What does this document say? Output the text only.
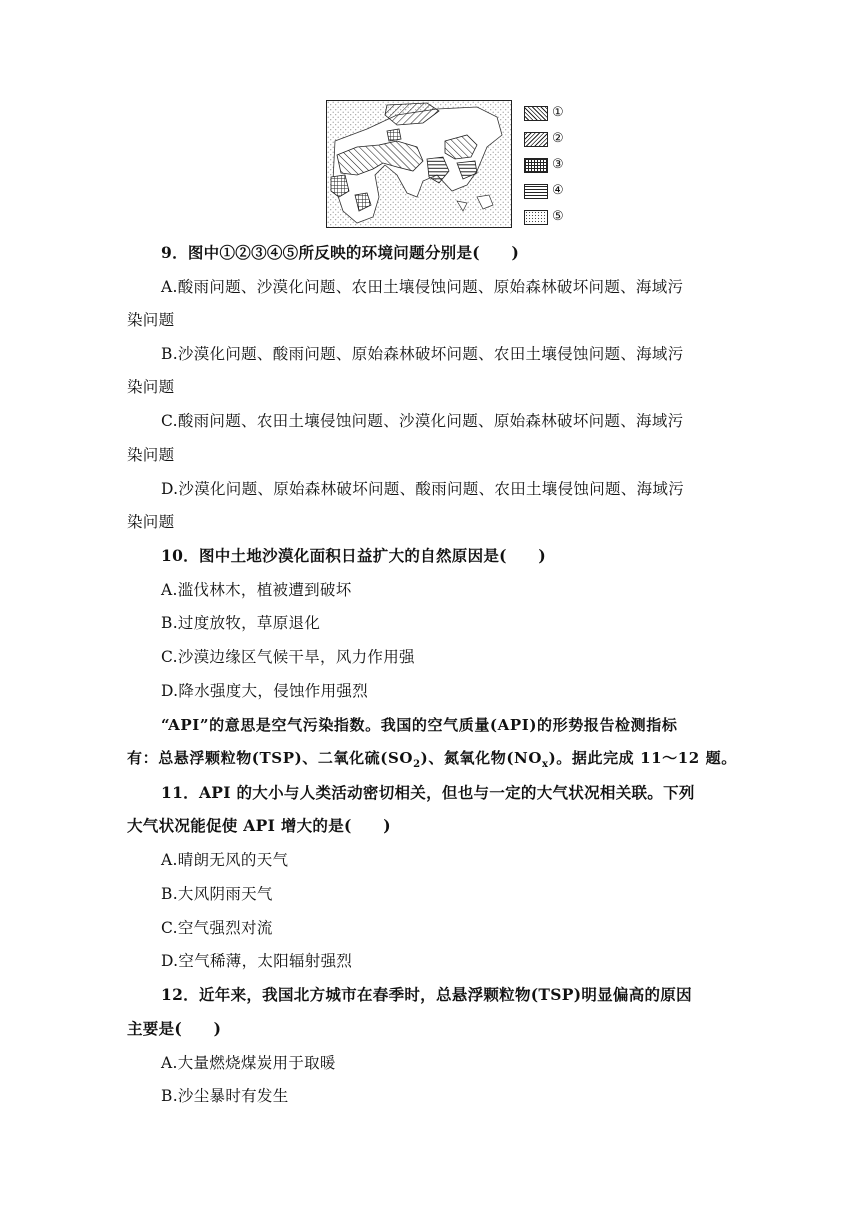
①
②
③
④
⑤
9．图中①②③④⑤所反映的环境问题分别是(　　)
A.酸雨问题、沙漠化问题、农田土壤侵蚀问题、原始森林破坏问题、海域污
染问题
B.沙漠化问题、酸雨问题、原始森林破坏问题、农田土壤侵蚀问题、海域污
染问题
C.酸雨问题、农田土壤侵蚀问题、沙漠化问题、原始森林破坏问题、海域污
染问题
D.沙漠化问题、原始森林破坏问题、酸雨问题、农田土壤侵蚀问题、海域污
染问题
10．图中土地沙漠化面积日益扩大的自然原因是(　　)
A.滥伐林木，植被遭到破坏
B.过度放牧，草原退化
C.沙漠边缘区气候干旱，风力作用强
D.降水强度大，侵蚀作用强烈
“API”的意思是空气污染指数。我国的空气质量(API)的形势报告检测指标
有：总悬浮颗粒物(TSP)、二氧化硫$(SO_2)$、氮氧化物$(NO_x)$。据此完成 11～12 题。
11．API 的大小与人类活动密切相关，但也与一定的大气状况相关联。下列
大气状况能促使 API 增大的是(　　)
A.晴朗无风的天气
B.大风阴雨天气
C.空气强烈对流
D.空气稀薄，太阳辐射强烈
12．近年来，我国北方城市在春季时，总悬浮颗粒物(TSP)明显偏高的原因
主要是(　　)
A.大量燃烧煤炭用于取暖
B.沙尘暴时有发生
